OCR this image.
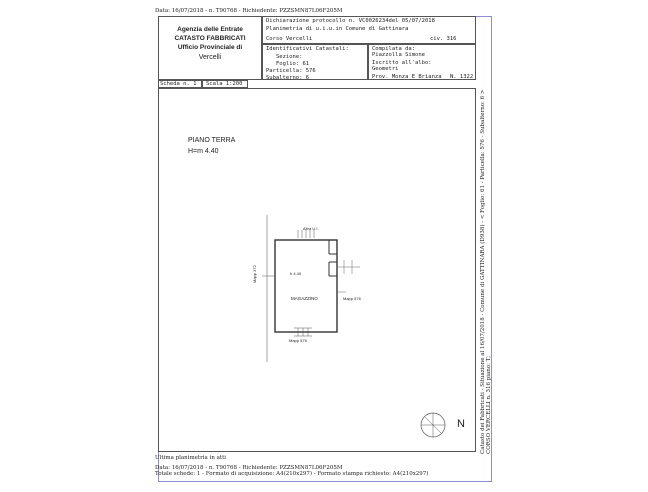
Data: 16/07/2018 - n. T90768 - Richiedente: PZZSMN87L06F205M
Agenzia delle Entrate
CATASTO FABBRICATI
Ufficio Provinciale di
Vercelli
Dichiarazione protocollo n. VC0026234del 05/07/2018
Planimetria di u.i.u.in Comune di Gattinara
Corso Vercelli	civ. 316
Identificativi Catastali:
Sezione:
Foglio: 61
Particella: 576
Subalterno: 6
Compilata da:
Piazzolla Simone
Iscritto all'albo:
Geometri
Prov. Monza E Brianza N. 1322
Scheda n. 1 Scala 1:200
PIANO TERRA
H=m 4.40
Altra U.I.
h 4.40
MAGAZZINO	Mapp 576
Mapp 576
Mapp 372
N	Catasto dei Fabbricati - Situazione al 16/07/2018 - Comune di GATTINARA (D938) - < Foglio: 61 - Particella: 576 - Subalterno: 6 > CORSO VERCELLI n. 316 piano: T;
Ultima planimetria in atti
Data: 16/07/2018 - n. T90768 - Richiedente: PZZSMN87L06F205M
Totale schede: 1 - Formato di acquisizione: A4(210x297) - Formato stampa richiesto: A4(210x297)
